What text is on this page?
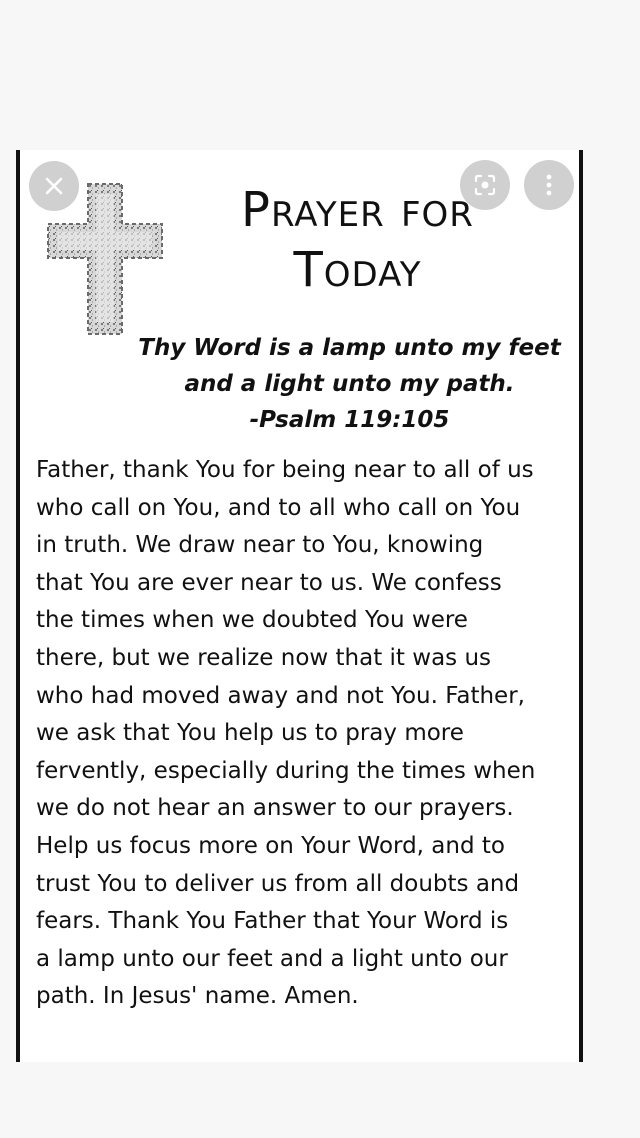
Prayer for
Today
Thy Word is a lamp unto my feet
and a light unto my path.
-Psalm 119:105
Father, thank You for being near to all of us
who call on You, and to all who call on You
in truth. We draw near to You, knowing
that You are ever near to us. We confess
the times when we doubted You were
there, but we realize now that it was us
who had moved away and not You. Father,
we ask that You help us to pray more
fervently, especially during the times when
we do not hear an answer to our prayers.
Help us focus more on Your Word, and to
trust You to deliver us from all doubts and
fears. Thank You Father that Your Word is
a lamp unto our feet and a light unto our
path. In Jesus' name. Amen.
